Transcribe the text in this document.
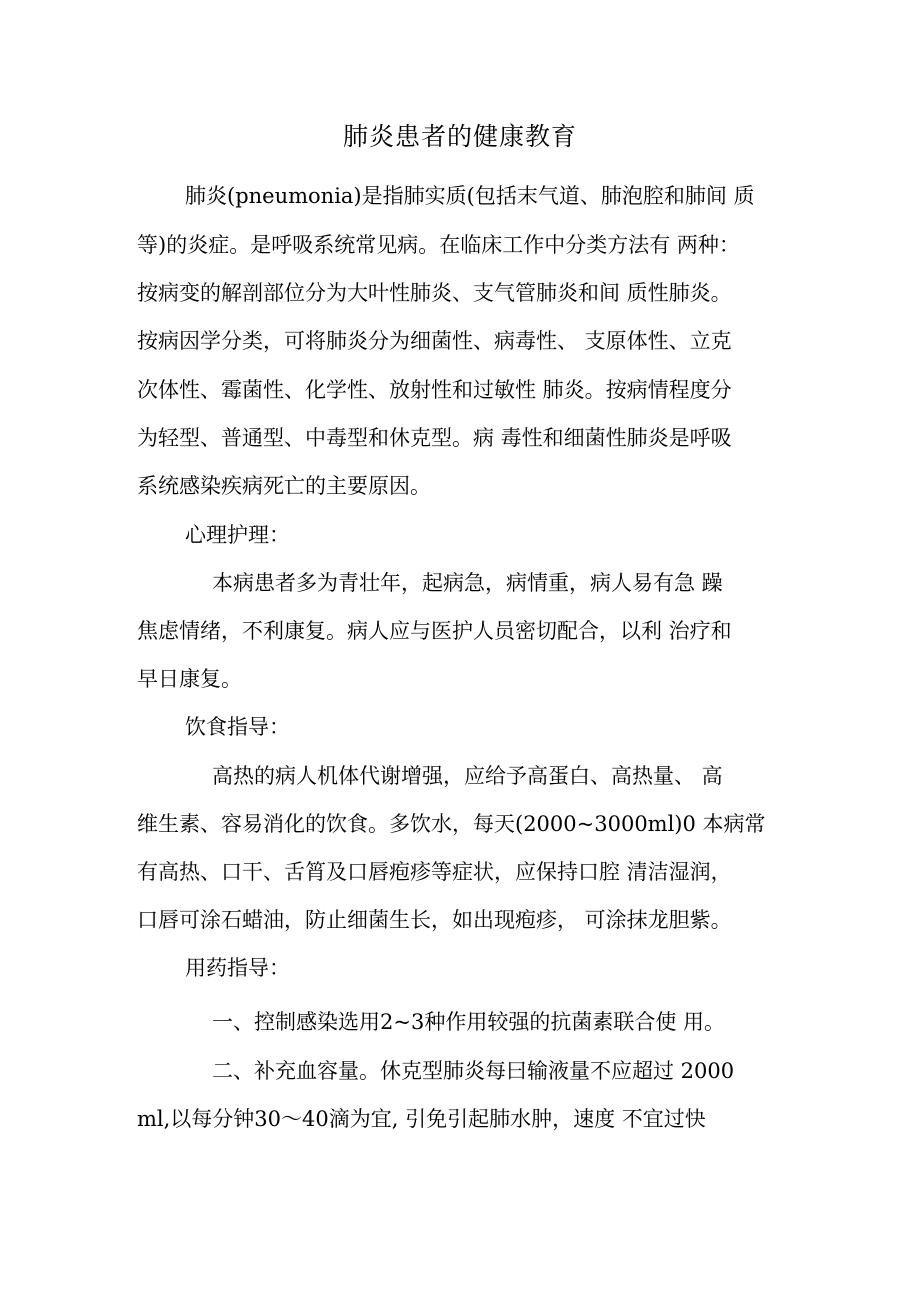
肺炎患者的健康教育
肺炎(pneumonia)是指肺实质(包括末气道、肺泡腔和肺间 质
等)的炎症。是呼吸系统常见病。在临床工作中分类方法有 两种：
按病变的解剖部位分为大叶性肺炎、支气管肺炎和间 质性肺炎。
按病因学分类，可将肺炎分为细菌性、病毒性、 支原体性、立克
次体性、霉菌性、化学性、放射性和过敏性 肺炎。按病情程度分
为轻型、普通型、中毒型和休克型。病 毒性和细菌性肺炎是呼吸
系统感染疾病死亡的主要原因。
心理护理：
本病患者多为青壮年，起病急，病情重，病人易有急 躁
焦虑情绪，不利康复。病人应与医护人员密切配合，以利 治疗和
早日康复。
饮食指导：
高热的病人机体代谢增强，应给予高蛋白、高热量、 高
维生素、容易消化的饮食。多饮水，每天(2000~3000ml)0 本病常
有高热、口干、舌筲及口唇疱疹等症状，应保持口腔 清洁湿润，
口唇可涂石蜡油，防止细菌生长，如出现疱疹， 可涂抹龙胆紫。
用药指导：
一、控制感染选用2~3种作用较强的抗菌素联合使 用。
二、补充血容量。休克型肺炎每曰输液量不应超过 2000
ml,以每分钟30～40滴为宜, 引免引起肺水肿，速度 不宜过快
